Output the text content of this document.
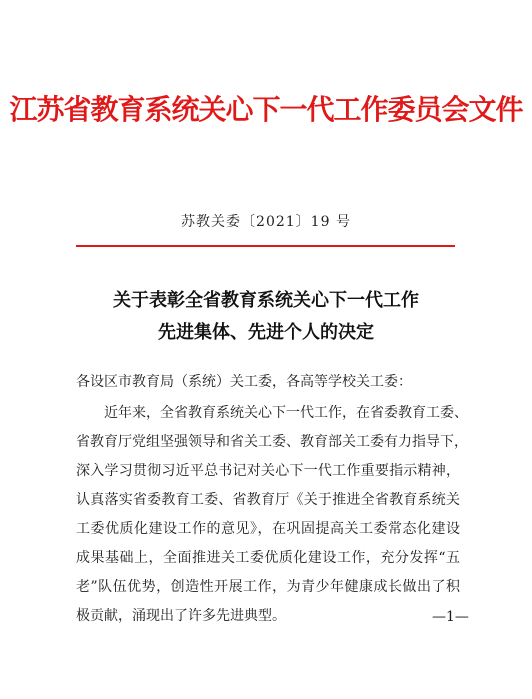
江苏省教育系统关心下一代工作委员会文件
苏教关委〔2021〕19 号
关于表彰全省教育系统关心下一代工作
先进集体、先进个人的决定
各设区市教育局（系统）关工委，各高等学校关工委：
近年来，全省教育系统关心下一代工作，在省委教育工委、
省教育厅党组坚强领导和省关工委、教育部关工委有力指导下，
深入学习贯彻习近平总书记对关心下一代工作重要指示精神，
认真落实省委教育工委、省教育厅《关于推进全省教育系统关
工委优质化建设工作的意见》，在巩固提高关工委常态化建设
成果基础上，全面推进关工委优质化建设工作，充分发挥“五
老”队伍优势，创造性开展工作，为青少年健康成长做出了积
极贡献，涌现出了许多先进典型。	—1—
